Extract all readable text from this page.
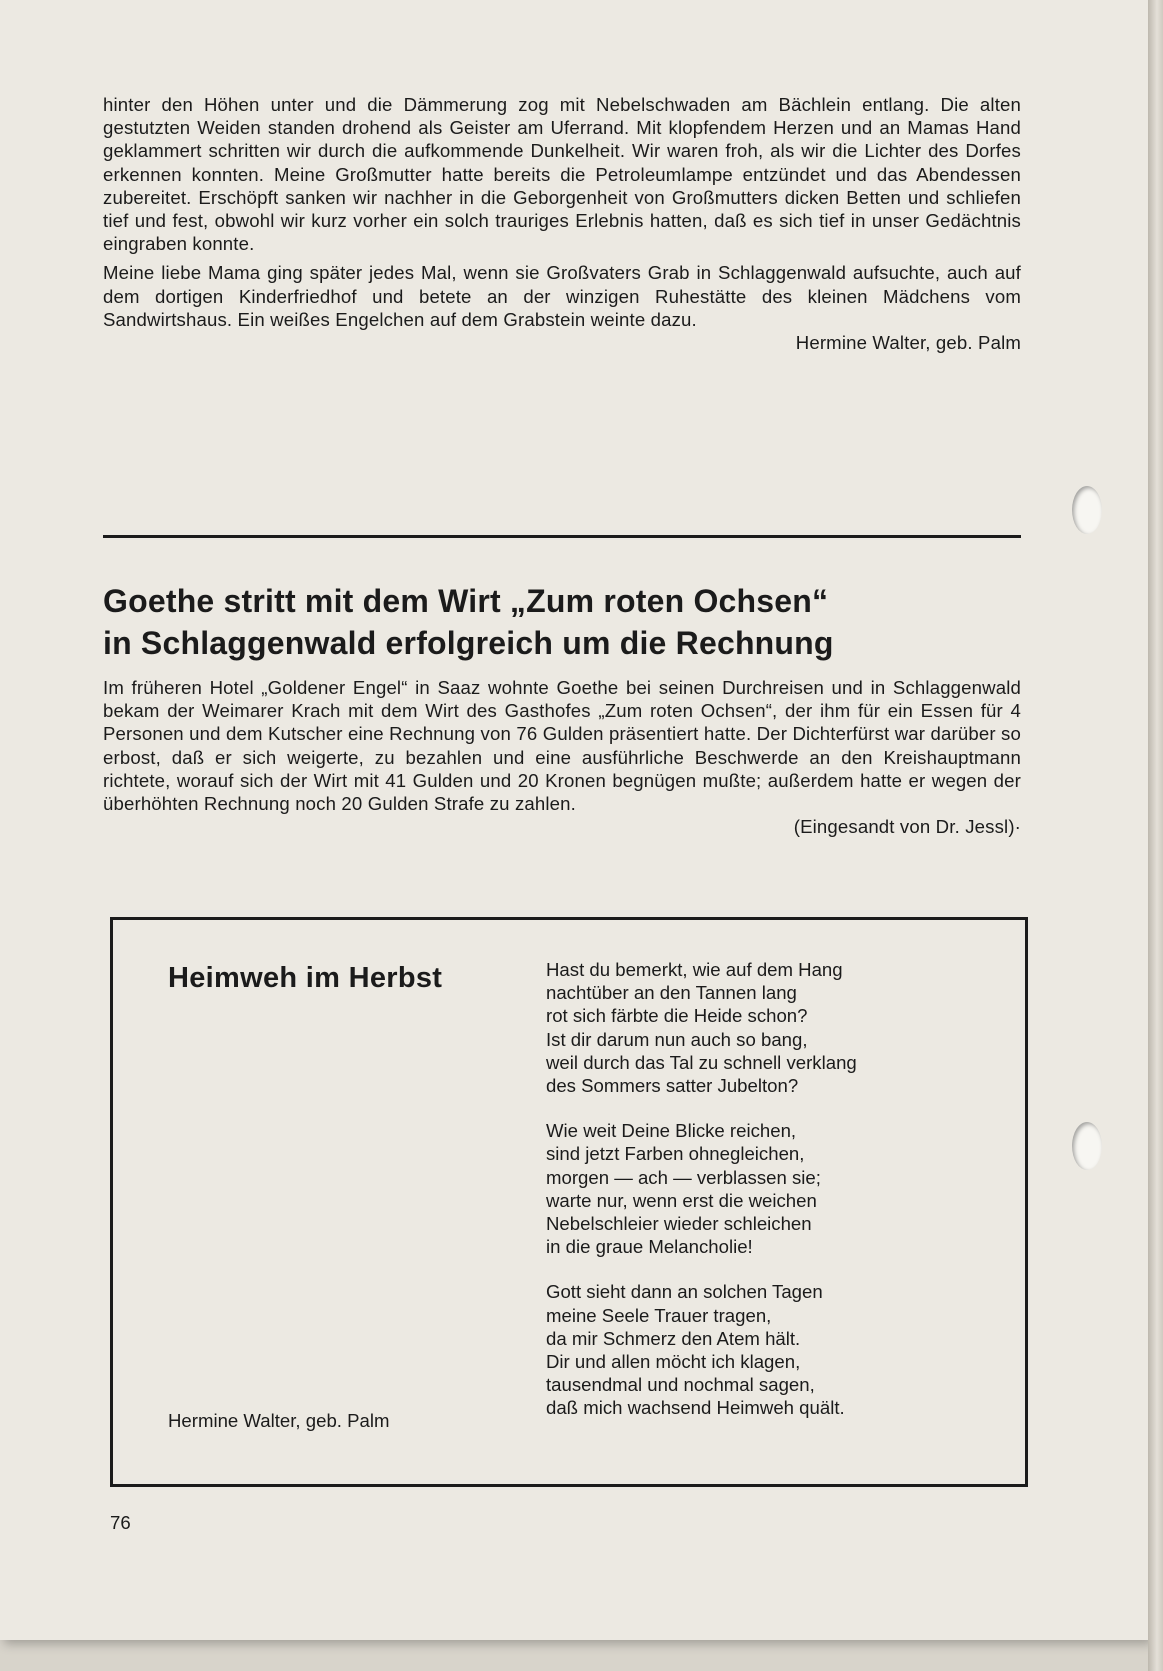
hinter den Höhen unter und die Dämmerung zog mit Nebelschwaden am Bächlein entlang. Die alten gestutzten Weiden standen drohend als Geister am Uferrand. Mit klopfendem Herzen und an Mamas Hand geklammert schritten wir durch die aufkommende Dunkelheit. Wir waren froh, als wir die Lichter des Dorfes erkennen konnten. Meine Großmutter hatte bereits die Petroleumlampe entzündet und das Abendessen zubereitet. Erschöpft sanken wir nachher in die Geborgenheit von Großmutters dicken Betten und schliefen tief und fest, obwohl wir kurz vorher ein solch trauriges Erlebnis hatten, daß es sich tief in unser Gedächtnis eingraben konnte.

Meine liebe Mama ging später jedes Mal, wenn sie Großvaters Grab in Schlaggenwald aufsuchte, auch auf dem dortigen Kinderfriedhof und betete an der winzigen Ruhestätte des kleinen Mädchens vom Sandwirtshaus. Ein weißes Engelchen auf dem Grabstein weinte dazu.

Hermine Walter, geb. Palm

Goethe stritt mit dem Wirt „Zum roten Ochsen“
in Schlaggenwald erfolgreich um die Rechnung

Im früheren Hotel „Goldener Engel“ in Saaz wohnte Goethe bei seinen Durchreisen und in Schlaggenwald bekam der Weimarer Krach mit dem Wirt des Gasthofes „Zum roten Ochsen“, der ihm für ein Essen für 4 Personen und dem Kutscher eine Rechnung von 76 Gulden präsentiert hatte. Der Dichterfürst war darüber so erbost, daß er sich weigerte, zu bezahlen und eine ausführliche Beschwerde an den Kreishauptmann richtete, worauf sich der Wirt mit 41 Gulden und 20 Kronen begnügen mußte; außerdem hatte er wegen der überhöhten Rechnung noch 20 Gulden Strafe zu zahlen.

(Eingesandt von Dr. Jessl)·

Heimweh im Herbst
Hermine Walter, geb. Palm
Hast du bemerkt, wie auf dem Hang
nachtüber an den Tannen lang
rot sich färbte die Heide schon?
Ist dir darum nun auch so bang,
weil durch das Tal zu schnell verklang
des Sommers satter Jubelton?
Wie weit Deine Blicke reichen,
sind jetzt Farben ohnegleichen,
morgen — ach — verblassen sie;
warte nur, wenn erst die weichen
Nebelschleier wieder schleichen
in die graue Melancholie!
Gott sieht dann an solchen Tagen
meine Seele Trauer tragen,
da mir Schmerz den Atem hält.
Dir und allen möcht ich klagen,
tausendmal und nochmal sagen,
daß mich wachsend Heimweh quält.
76
